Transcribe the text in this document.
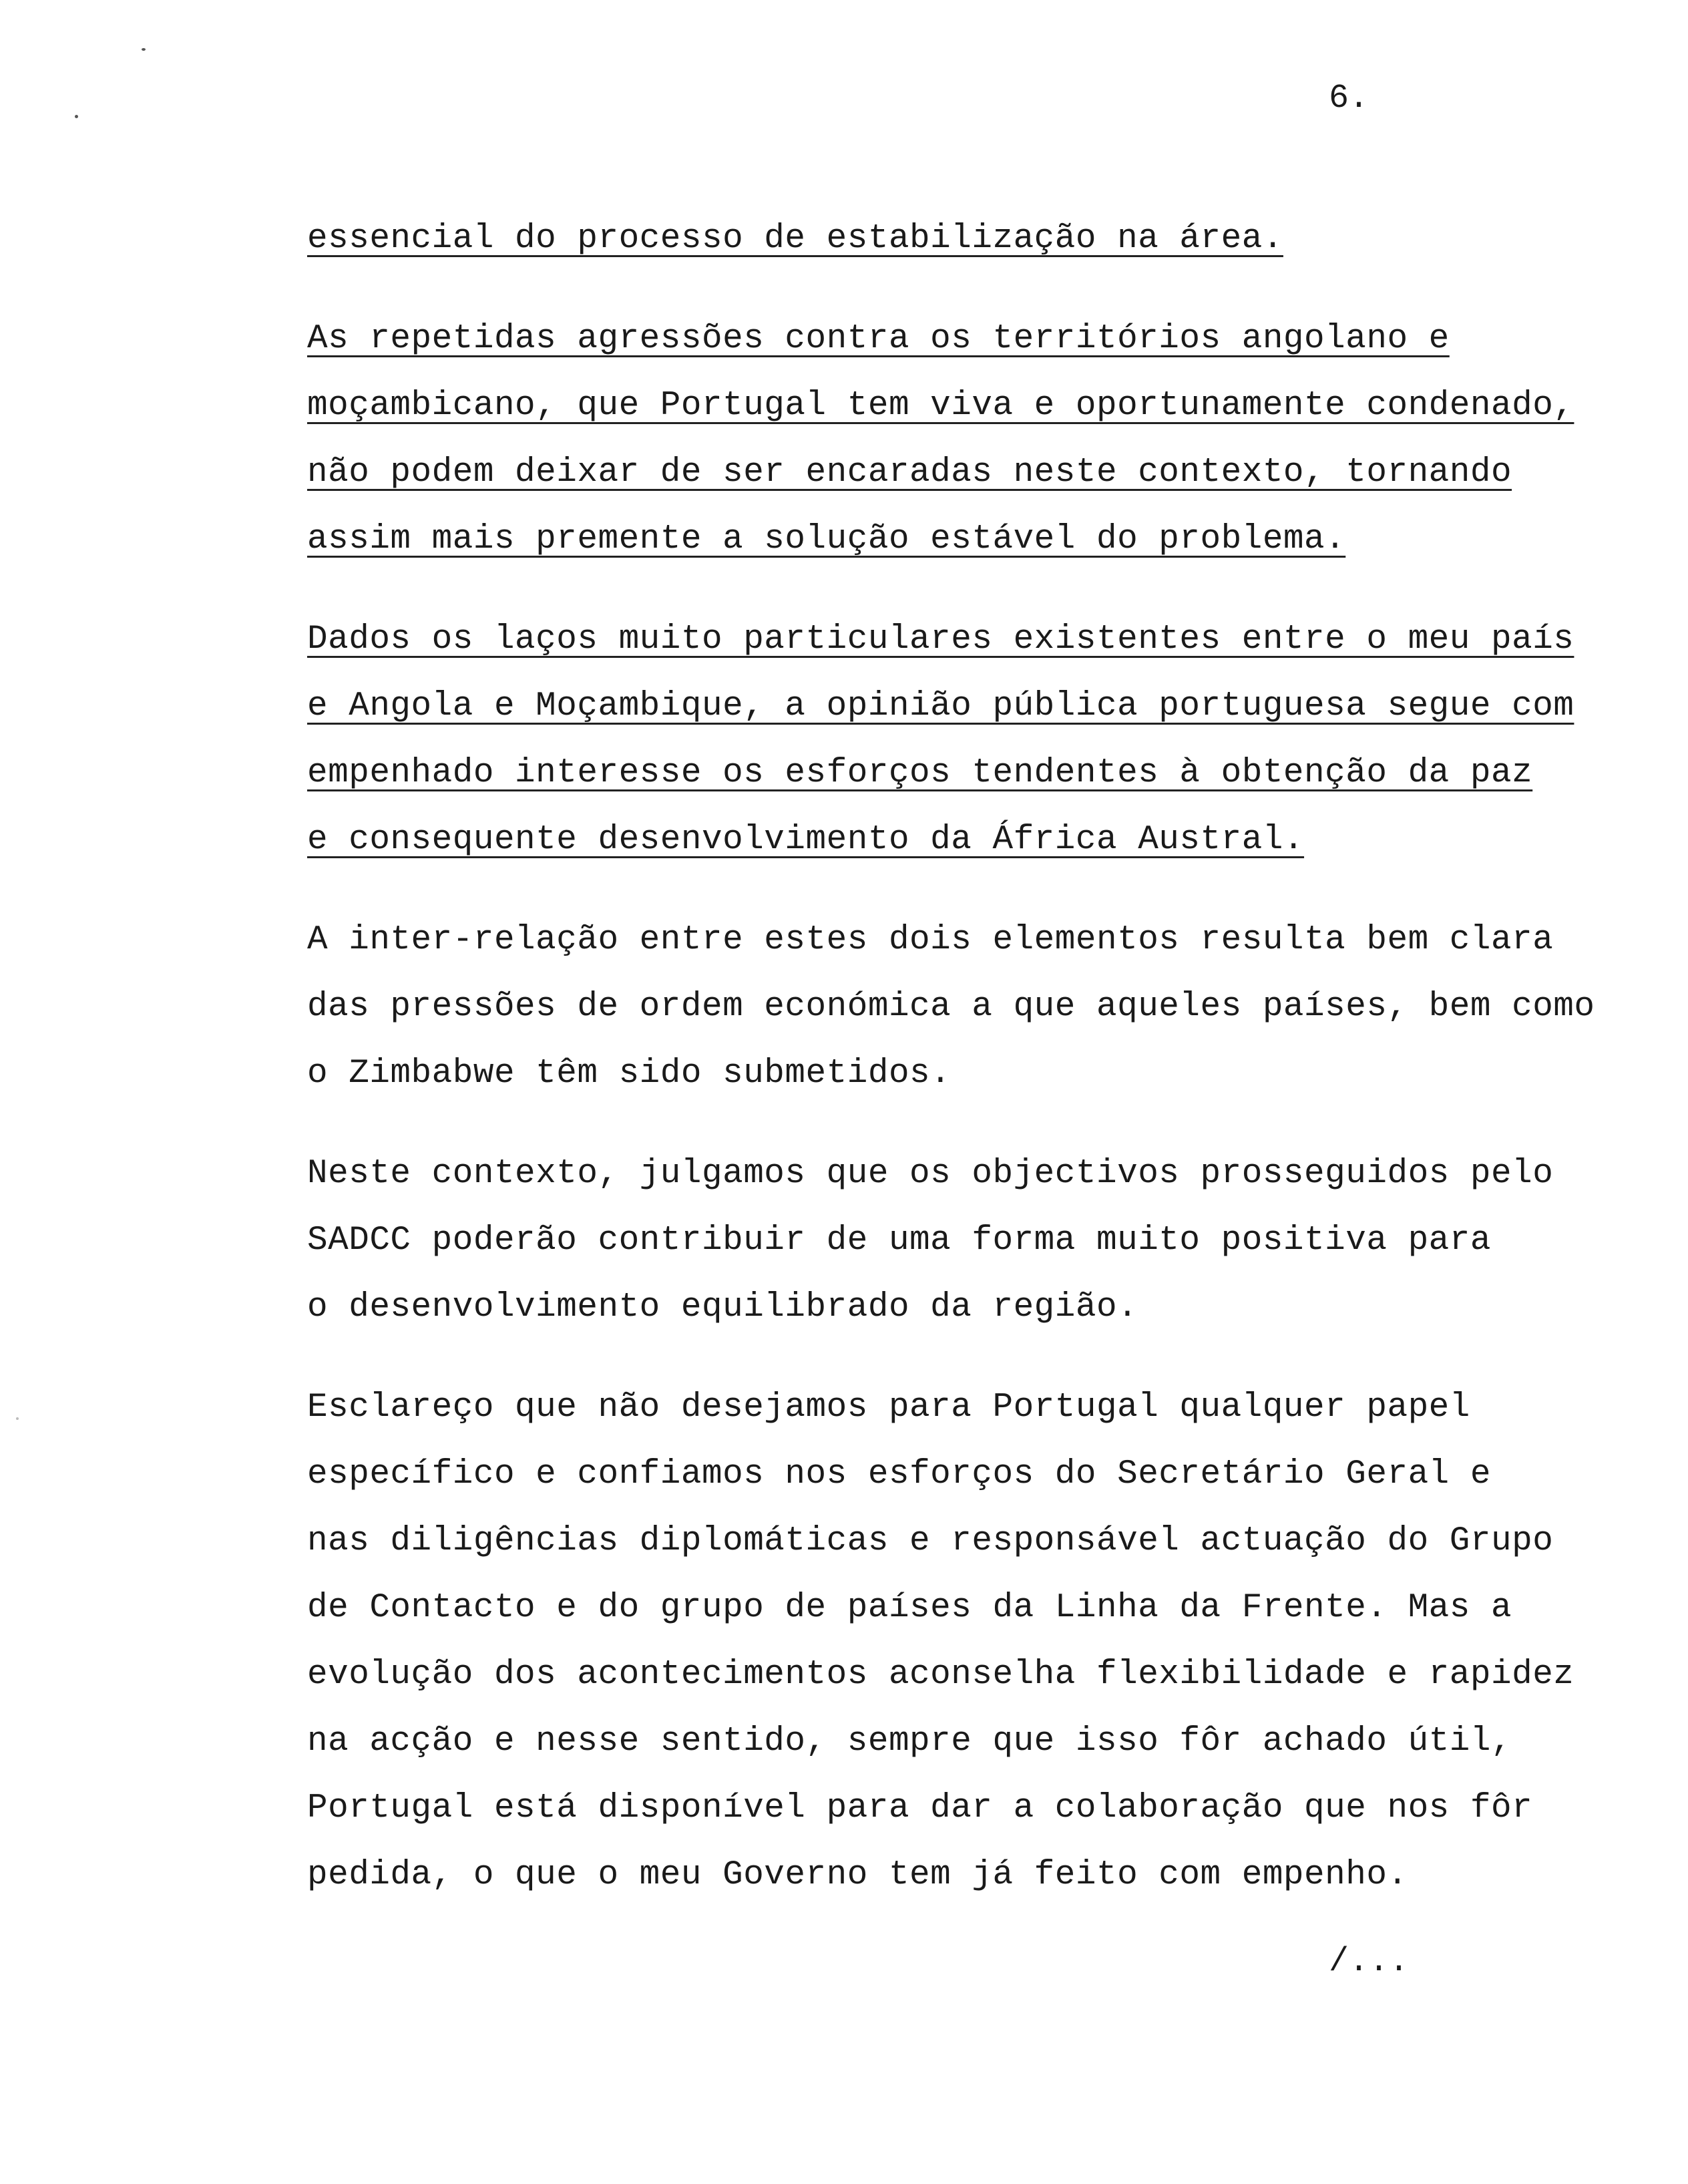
6.
essencial do processo de estabilização na área.
As repetidas agressões contra os territórios angolano e
moçambicano, que Portugal tem viva e oportunamente condenado,
não podem deixar de ser encaradas neste contexto, tornando
assim mais premente a solução estável do problema.
Dados os laços muito particulares existentes entre o meu país
e Angola e Moçambique, a opinião pública portuguesa segue com
empenhado interesse os esforços tendentes à obtenção da paz
e consequente desenvolvimento da África Austral.
A inter-relação entre estes dois elementos resulta bem clara
das pressões de ordem económica a que aqueles países, bem como
o Zimbabwe têm sido submetidos.
Neste contexto, julgamos que os objectivos prosseguidos pelo
SADCC poderão contribuir de uma forma muito positiva para
o desenvolvimento equilibrado da região.
Esclareço que não desejamos para Portugal qualquer papel
específico e confiamos nos esforços do Secretário Geral e
nas diligências diplomáticas e responsável actuação do Grupo
de Contacto e do grupo de países da Linha da Frente. Mas a
evolução dos acontecimentos aconselha flexibilidade e rapidez
na acção e nesse sentido, sempre que isso fôr achado útil,
Portugal está disponível para dar a colaboração que nos fôr
pedida, o que o meu Governo tem já feito com empenho.
/...
